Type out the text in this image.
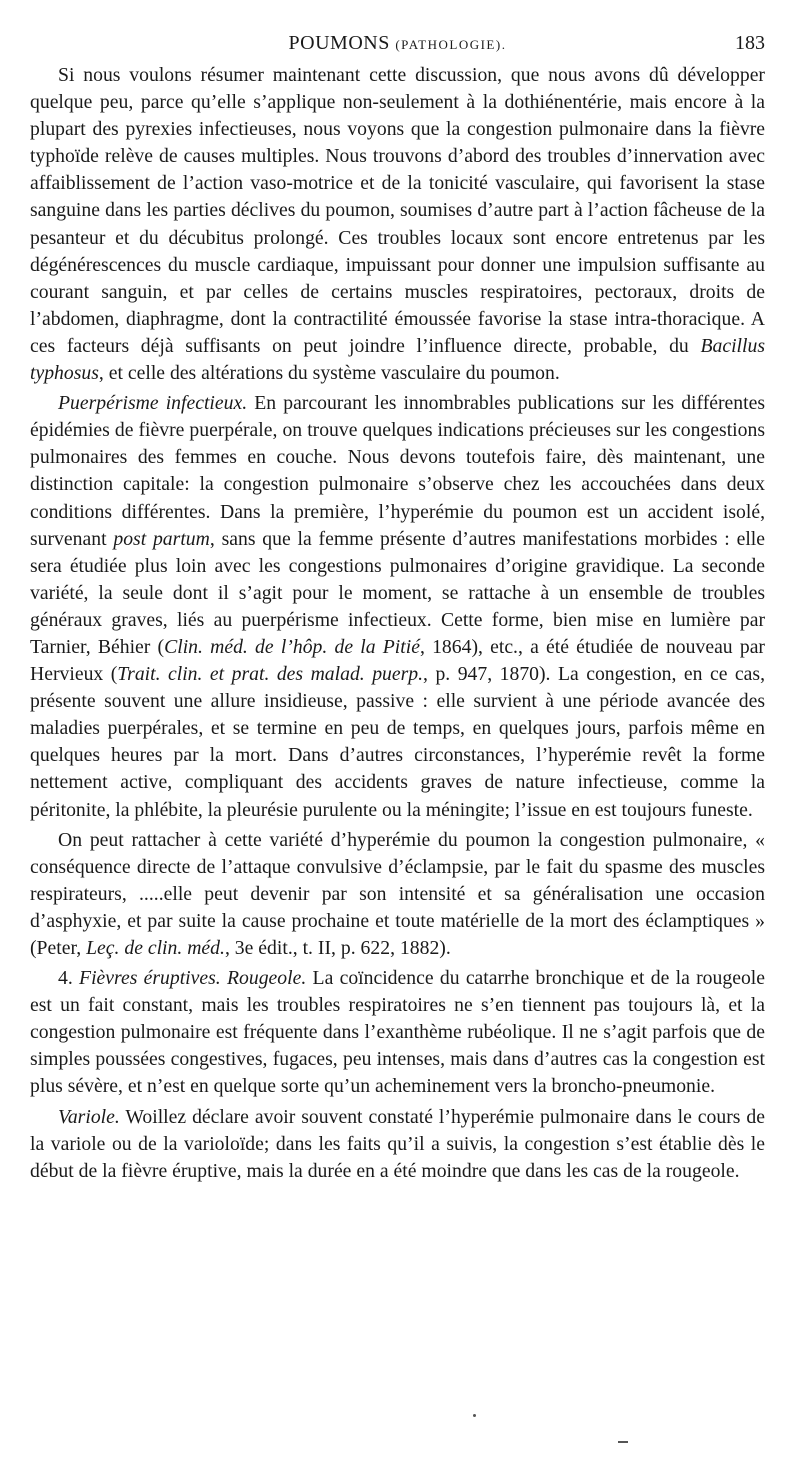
POUMONS (PATHOLOGIE).	183

Si nous voulons résumer maintenant cette discussion, que nous avons dû développer quelque peu, parce qu’elle s’applique non-seulement à la dothiénentérie, mais encore à la plupart des pyrexies infectieuses, nous voyons que la congestion pulmonaire dans la fièvre typhoïde relève de causes multiples. Nous trouvons d’abord des troubles d’innervation avec affaiblissement de l’action vaso-motrice et de la tonicité vasculaire, qui favorisent la stase sanguine dans les parties déclives du poumon, soumises d’autre part à l’action fâcheuse de la pesanteur et du décubitus prolongé. Ces troubles locaux sont encore entretenus par les dégénérescences du muscle cardiaque, impuissant pour donner une impulsion suffisante au courant sanguin, et par celles de certains muscles respiratoires, pectoraux, droits de l’abdomen, diaphragme, dont la contractilité émoussée favorise la stase intra-thoracique. A ces facteurs déjà suffisants on peut joindre l’influence directe, probable, du Bacillus typhosus, et celle des altérations du système vasculaire du poumon.

Puerpérisme infectieux. En parcourant les innombrables publications sur les différentes épidémies de fièvre puerpérale, on trouve quelques indications précieuses sur les congestions pulmonaires des femmes en couche. Nous devons toutefois faire, dès maintenant, une distinction capitale: la congestion pulmonaire s’observe chez les accouchées dans deux conditions différentes. Dans la première, l’hyperémie du poumon est un accident isolé, survenant post partum, sans que la femme présente d’autres manifestations morbides : elle sera étudiée plus loin avec les congestions pulmonaires d’origine gravidique. La seconde variété, la seule dont il s’agit pour le moment, se rattache à un ensemble de troubles généraux graves, liés au puerpérisme infectieux. Cette forme, bien mise en lumière par Tarnier, Béhier (Clin. méd. de l’hôp. de la Pitié, 1864), etc., a été étudiée de nouveau par Hervieux (Trait. clin. et prat. des malad. puerp., p. 947, 1870). La congestion, en ce cas, présente souvent une allure insidieuse, passive : elle survient à une période avancée des maladies puerpérales, et se termine en peu de temps, en quelques jours, parfois même en quelques heures par la mort. Dans d’autres circonstances, l’hyperémie revêt la forme nettement active, compliquant des accidents graves de nature infectieuse, comme la péritonite, la phlébite, la pleurésie purulente ou la méningite; l’issue en est toujours funeste.

On peut rattacher à cette variété d’hyperémie du poumon la congestion pulmonaire, « conséquence directe de l’attaque convulsive d’éclampsie, par le fait du spasme des muscles respirateurs, .....elle peut devenir par son intensité et sa généralisation une occasion d’asphyxie, et par suite la cause prochaine et toute matérielle de la mort des éclamptiques » (Peter, Leç. de clin. méd., 3e édit., t. II, p. 622, 1882).

4. Fièvres éruptives. Rougeole. La coïncidence du catarrhe bronchique et de la rougeole est un fait constant, mais les troubles respiratoires ne s’en tiennent pas toujours là, et la congestion pulmonaire est fréquente dans l’exanthème rubéolique. Il ne s’agit parfois que de simples poussées congestives, fugaces, peu intenses, mais dans d’autres cas la congestion est plus sévère, et n’est en quelque sorte qu’un acheminement vers la broncho-pneumonie.

Variole. Woillez déclare avoir souvent constaté l’hyperémie pulmonaire dans le cours de la variole ou de la varioloïde; dans les faits qu’il a suivis, la congestion s’est établie dès le début de la fièvre éruptive, mais la durée en a été moindre que dans les cas de la rougeole.
